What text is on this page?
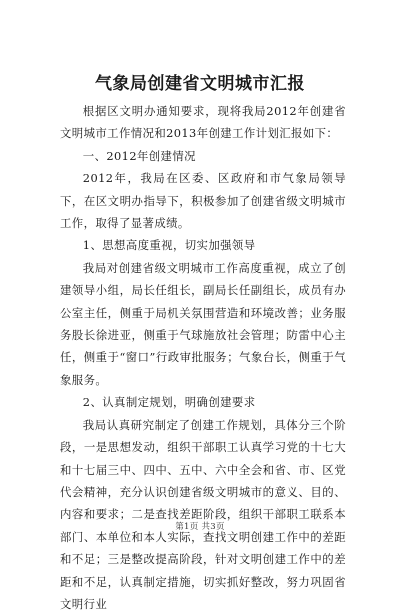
气象局创建省文明城市汇报

根据区文明办通知要求，现将我局2012年创建省文明城市工作情况和2013年创建工作计划汇报如下：

一、2012年创建情况

2012年，我局在区委、区政府和市气象局领导下，在区文明办指导下，积极参加了创建省级文明城市工作，取得了显著成绩。

1、思想高度重视，切实加强领导

我局对创建省级文明城市工作高度重视，成立了创建领导小组，局长任组长，副局长任副组长，成员有办公室主任，侧重于局机关氛围营造和环境改善；业务服务股长徐进亚，侧重于气球施放社会管理；防雷中心主任，侧重于“窗口”行政审批服务；气象台长，侧重于气象服务。

2、认真制定规划，明确创建要求

我局认真研究制定了创建工作规划，具体分三个阶段，一是思想发动，组织干部职工认真学习党的十七大和十七届三中、四中、五中、六中全会和省、市、区党代会精神，充分认识创建省级文明城市的意义、目的、内容和要求；二是查找差距阶段，组织干部职工联系本部门、本单位和本人实际，查找文明创建工作中的差距和不足；三是整改提高阶段，针对文明创建工作中的差距和不足，认真制定措施，切实抓好整改，努力巩固省文明行业

第1页 共3页
